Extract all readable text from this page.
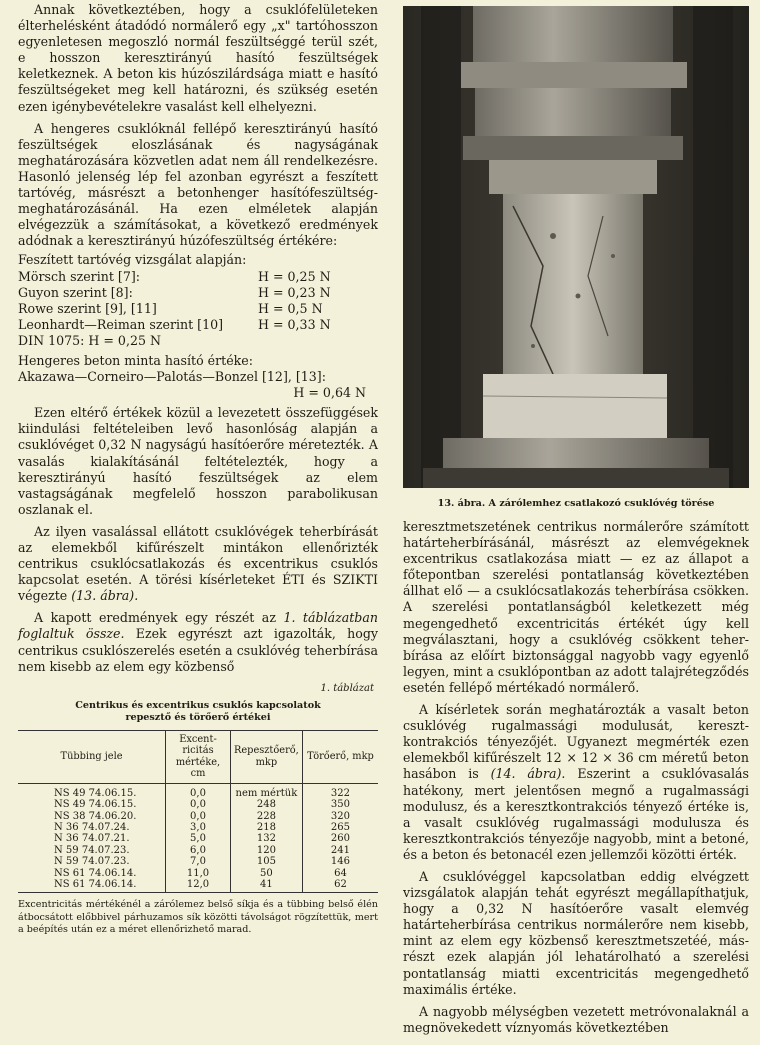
Annak következtében, hogy a csuklófelületeken élterhelésként átadódó normálerő egy „x" tartóhosszon egyenletesen megoszló normál feszültséggé terül szét, e hosszon keresztirányú hasító feszültségek keletkeznek. A beton kis húzószilárdsága miatt e hasító feszültségeket meg kell határozni, és szükség esetén ezen igénybevételekre vasalást kell elhelyezni.

A hengeres csuklóknál fellépő keresztirányú hasító feszültségek eloszlásának és nagyságának meghatározására közvetlen adat nem áll rendelkezésre. Hasonló jelenség lép fel azonban egyrészt a feszített tartóvég, másrészt a betonhenger hasítófeszültség-meghatározásánál. Ha ezen elméletek alapján elvégezzük a számításokat, a következő eredmények adódnak a keresztirányú húzófeszültség értékére:

Feszített tartóvég vizsgálat alapján:

Mörsch szerint [7]:	H = 0,25 N
Guyon szerint [8]:	H = 0,23 N
Rowe szerint [9], [11]	H = 0,5 N
Leonhardt—Reiman szerint [10]	H = 0,33 N

DIN 1075: H = 0,25 N

Hengeres beton minta hasító értéke:

Akazawa—Corneiro—Palotás—Bonzel [12], [13]:

H = 0,64 N

Ezen eltérő értékek közül a levezetett összefüggések kiindulási feltételeiben levő hasonlóság alapján a csuklóvéget 0,32 N nagyságú hasítóerőre méretezték. A vasalás kialakításánál feltételezték, hogy a keresztirányú hasító feszültségek az elem vastagságának megfelelő hosszon parabolikusan oszlanak el.

Az ilyen vasalással ellátott csuklóvégek teherbírását az elemekből kifűrészelt mintákon ellenőrizték centrikus csuklócsatlakozás és excentrikus csuklós kapcsolat esetén. A törési kísérleteket ÉTI és SZIKTI végezte (13. ábra).

A kapott eredmények egy részét az 1. táblázatban foglaltuk össze. Ezek egyrészt azt igazolták, hogy centrikus csuklószerelés esetén a csuklóvég teherbírása nem kisebb az elem egy közbenső

1. táblázat
Centrikus és excentrikus csuklós kapcsolatok
repesztő és törőerő értékei
Tübbing jele	Excentricitás mértéke, cm	Repesztőerő, mkp	Törőerő, mkp
NS 49 74.06.15.	0,0	nem mértük	322
NS 49 74.06.15.	0,0	248	350
NS 38 74.06.20.	0,0	228	320
N 36 74.07.24.	3,0	218	265
N 36 74.07.21.	5,0	132	260
N 59 74.07.23.	6,0	120	241
N 59 74.07.23.	7,0	105	146
NS 61 74.06.14.	11,0	50	64
NS 61 74.06.14.	12,0	41	62
Excentricitás mértékénél a zárólemez belső síkja és a tübbing belső élén átbocsátott előbbivel párhuzamos sík közötti távolságot rögzítettük, mert a beépítés után ez a méret ellenőrizhető marad.
13. ábra. A zárólemhez csatlakozó csuklóvég törése

keresztmetszetének centrikus normálerőre számított határteherbírásánál, másrészt az elemvégeknek excentrikus csatlakozása miatt — ez az állapot a főtepontban szerelési pontatlanság következtében állhat elő — a csuklócsatlakozás teherbírása csökken. A szerelési pontatlanságból keletkezett még megengedhető excentricitás értékét úgy kell megválasztani, hogy a csuklóvég csökkent teherbírása az előírt biztonsággal nagyobb vagy egyenlő legyen, mint a csuklópontban az adott talajrétegződés esetén fellépő mértékadó normálerő.

A kísérletek során meghatározták a vasalt beton csuklóvég rugalmassági modulusát, keresztkontrakciós tényezőjét. Ugyanezt megmérték ezen elemekből kifűrészelt 12 × 12 × 36 cm méretű beton hasábon is (14. ábra). Eszerint a csuklóvasalás hatékony, mert jelentősen megnő a rugalmassági modulusz, és a keresztkontrakciós tényező értéke is, a vasalt csuklóvég rugalmassági modulusza és keresztkontrakciós tényezője nagyobb, mint a betoné, és a beton és betonacél ezen jellemzői közötti érték.

A csuklóvéggel kapcsolatban eddig elvégzett vizsgálatok alapján tehát egyrészt megállapíthatjuk, hogy a 0,32 N hasítóerőre vasalt elemvég határteherbírása centrikus normálerőre nem kisebb, mint az elem egy közbenső keresztmetszetéé, másrészt ezek alapján jól lehatárolható a szerelési pontatlanság miatti excentricitás megengedhető maximális értéke.

A nagyobb mélységben vezetett metróvonalaknál a megnövekedett víznyomás következtében
